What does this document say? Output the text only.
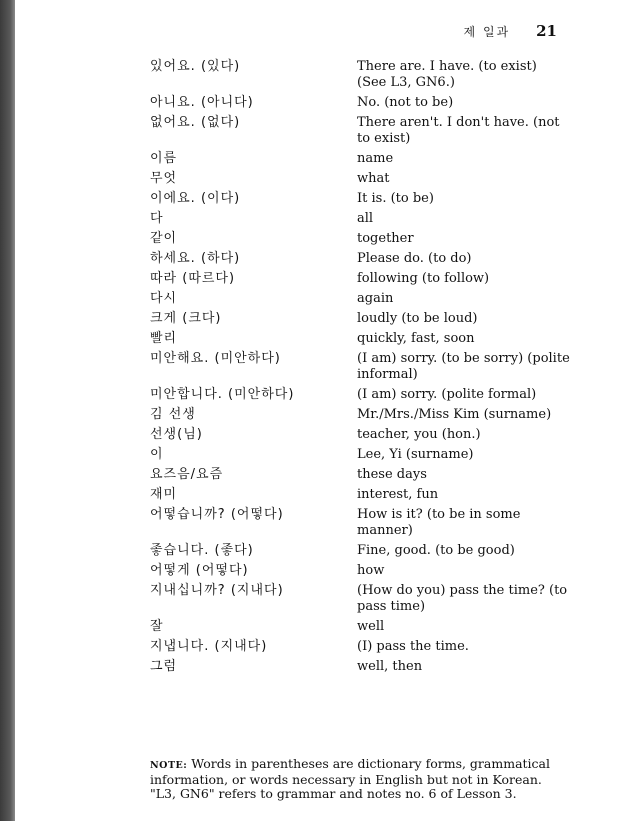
제 일과 21
있어요. (있다)	There are. I have. (to exist) (See L3, GN6.)
아니요. (아니다)	No. (not to be)
없어요. (없다)	There aren't. I don't have. (not to exist)
이름	name
무엇	what
이에요. (이다)	It is. (to be)
다	all
같이	together
하세요. (하다)	Please do. (to do)
따라 (따르다)	following (to follow)
다시	again
크게 (크다)	loudly (to be loud)
빨리	quickly, fast, soon
미안해요. (미안하다)	(I am) sorry. (to be sorry) (polite informal)
미안합니다. (미안하다)	(I am) sorry. (polite formal)
김 선생	Mr./Mrs./Miss Kim (surname)
선생(님)	teacher, you (hon.)
이	Lee, Yi (surname)
요즈음/요즘	these days
재미	interest, fun
어떻습니까? (어떻다)	How is it? (to be in some manner)
좋습니다. (좋다)	Fine, good. (to be good)
어떻게 (어떻다)	how
지내십니까? (지내다)	(How do you) pass the time? (to pass time)
잘	well
지냅니다. (지내다)	(I) pass the time.
그럼	well, then
NOTE: Words in parentheses are dictionary forms, grammatical information, or words necessary in English but not in Korean. "L3, GN6" refers to grammar and notes no. 6 of Lesson 3.
